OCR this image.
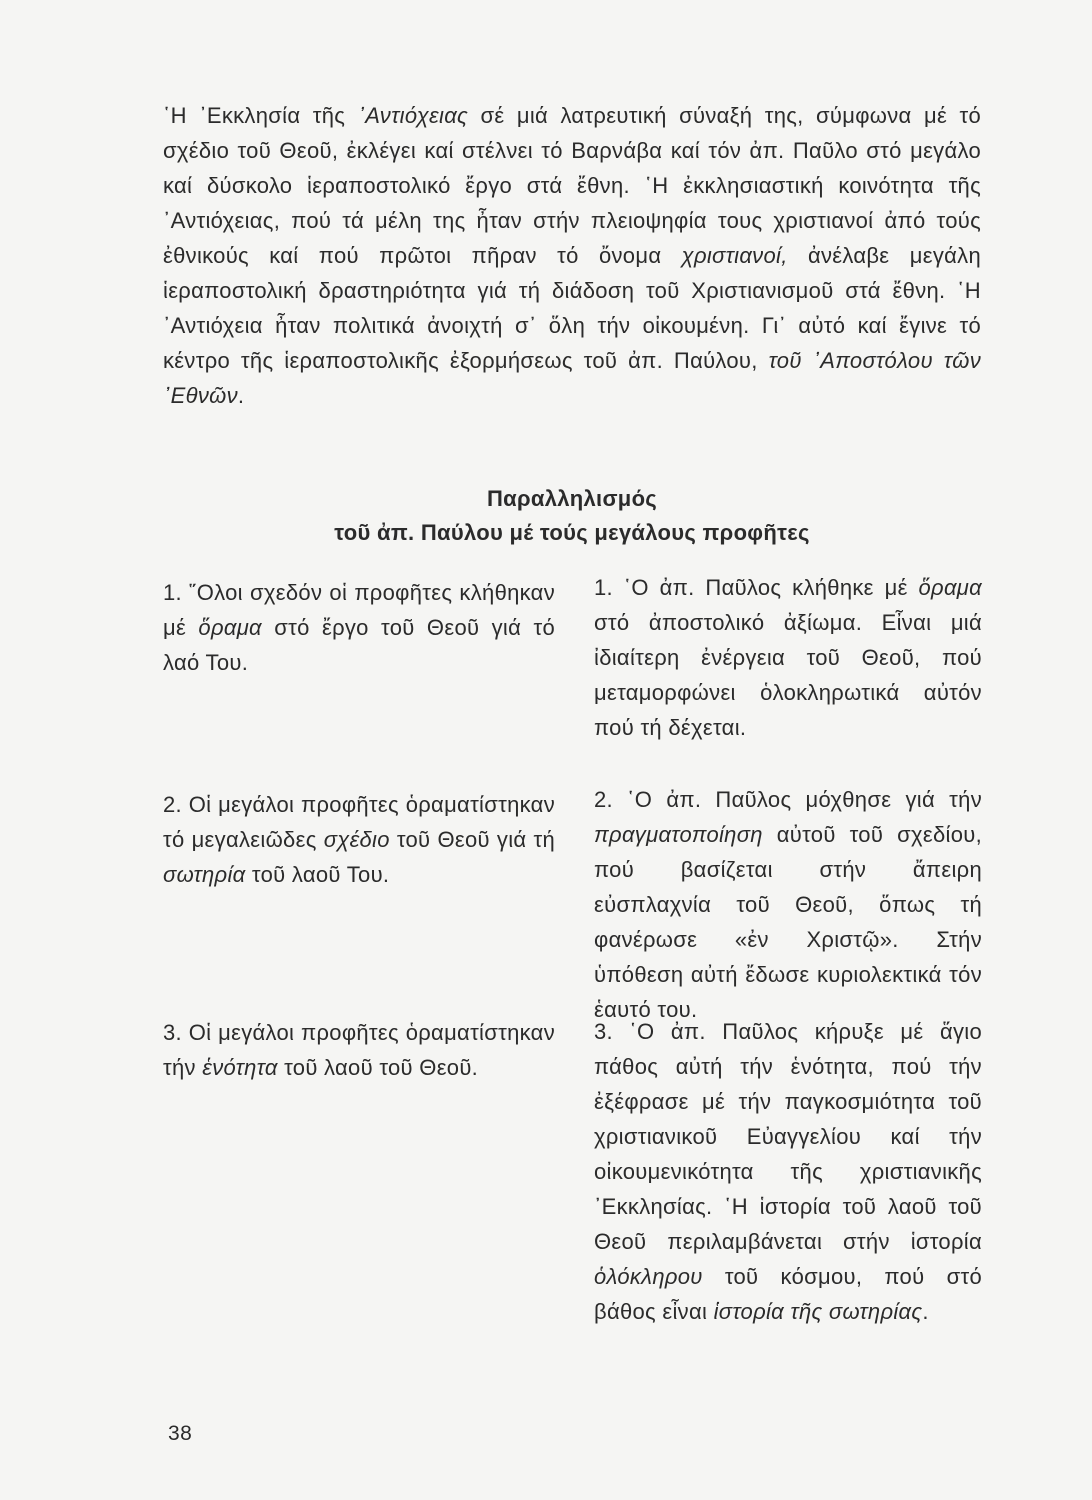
῾Η ᾽Εκκλησία τῆς ᾽Αντιόχειας σέ μιά λατρευτική σύναξή της, σύμφωνα μέ τό σχέδιο τοῦ Θεοῦ, ἐκλέγει καί στέλνει τό Βαρνάβα καί τόν ἀπ. Παῦλο στό μεγάλο καί δύσκολο ἱεραποστολικό ἔργο στά ἔθνη. ῾Η ἐκκλησιαστική κοινότητα τῆς ᾽Αντιόχειας, πού τά μέλη της ἦταν στήν πλειοψηφία τους χριστιανοί ἀπό τούς ἐθνικούς καί πού πρῶτοι πῆραν τό ὄνομα χριστιανοί, ἀνέλαβε μεγάλη ἱεραποστολική δραστηριότητα γιά τή διάδοση τοῦ Χριστιανισμοῦ στά ἔθνη. ῾Η ᾽Αντιόχεια ἦταν πολιτικά ἀνοιχτή σ᾽ ὅλη τήν οἰκουμένη. Γι᾽ αὐτό καί ἔγινε τό κέντρο τῆς ἱεραποστολικῆς ἐξορμήσεως τοῦ ἀπ. Παύλου, τοῦ ᾽Αποστόλου τῶν ᾽Εθνῶν.

Παραλληλισμός
τοῦ ἀπ. Παύλου μέ τούς μεγάλους προφῆτες

1. ῞Ολοι σχεδόν οἱ προφῆτες κλήθηκαν μέ ὅραμα στό ἔργο τοῦ Θεοῦ γιά τό λαό Του.

2. Οἱ μεγάλοι προφῆτες ὁραματίστηκαν τό μεγαλειῶδες σχέδιο τοῦ Θεοῦ γιά τή σωτηρία τοῦ λαοῦ Του.

3. Οἱ μεγάλοι προφῆτες ὁραματίστηκαν τήν ἑνότητα τοῦ λαοῦ τοῦ Θεοῦ.

1. ῾Ο ἀπ. Παῦλος κλήθηκε μέ ὅραμα στό ἀποστολικό ἀξίωμα. Εἶναι μιά ἰδιαίτερη ἐνέργεια τοῦ Θεοῦ, πού μεταμορφώνει ὁλοκληρωτικά αὐτόν πού τή δέχεται.

2. ῾Ο ἀπ. Παῦλος μόχθησε γιά τήν πραγματοποίηση αὐτοῦ τοῦ σχεδίου, πού βασίζεται στήν ἄπειρη εὐσπλαχνία τοῦ Θεοῦ, ὅπως τή φανέρωσε «ἐν Χριστῷ». Στήν ὑπόθεση αὐτή ἔδωσε κυριολεκτικά τόν ἑαυτό του.

3. ῾Ο ἀπ. Παῦλος κήρυξε μέ ἅγιο πάθος αὐτή τήν ἑνότητα, πού τήν ἐξέφρασε μέ τήν παγκοσμιότητα τοῦ χριστιανικοῦ Εὐαγγελίου καί τήν οἰκουμενικότητα τῆς χριστιανικῆς ᾽Εκκλησίας. ῾Η ἱστορία τοῦ λαοῦ τοῦ Θεοῦ περιλαμβάνεται στήν ἱστορία ὁλόκληρου τοῦ κόσμου, πού στό βάθος εἶναι ἱστορία τῆς σωτηρίας.

38
